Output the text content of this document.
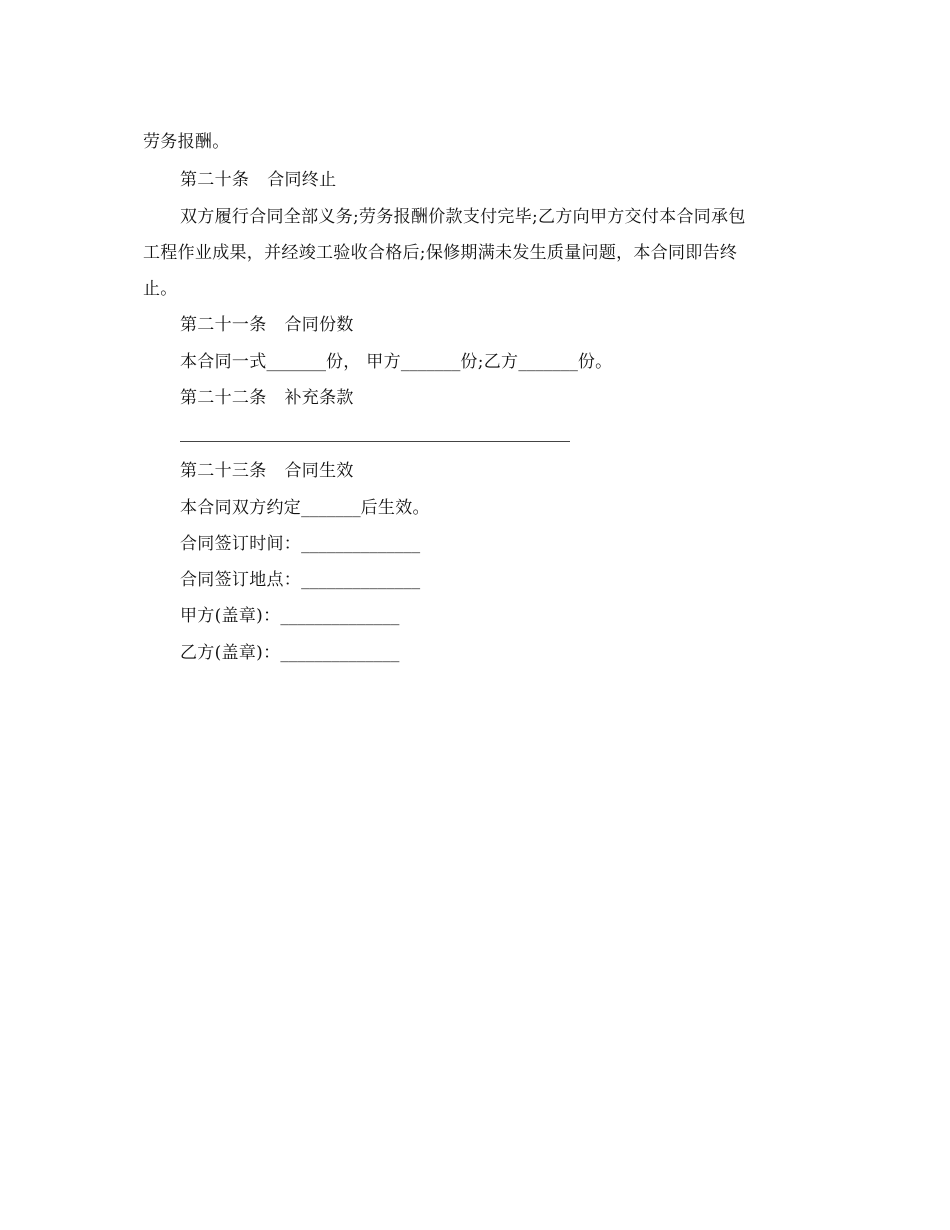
劳务报酬。
第二十条 合同终止
双方履行合同全部义务;劳务报酬价款支付完毕;乙方向甲方交付本合同承包
工程作业成果，并经竣工验收合格后;保修期满未发生质量问题，本合同即告终
止。
第二十一条 合同份数
本合同一式_______份， 甲方_______份;乙方_______份。
第二十二条 补充条款
第二十三条 合同生效
本合同双方约定_______后生效。
合同签订时间：______________
合同签订地点：______________
甲方(盖章)：______________
乙方(盖章)：______________
